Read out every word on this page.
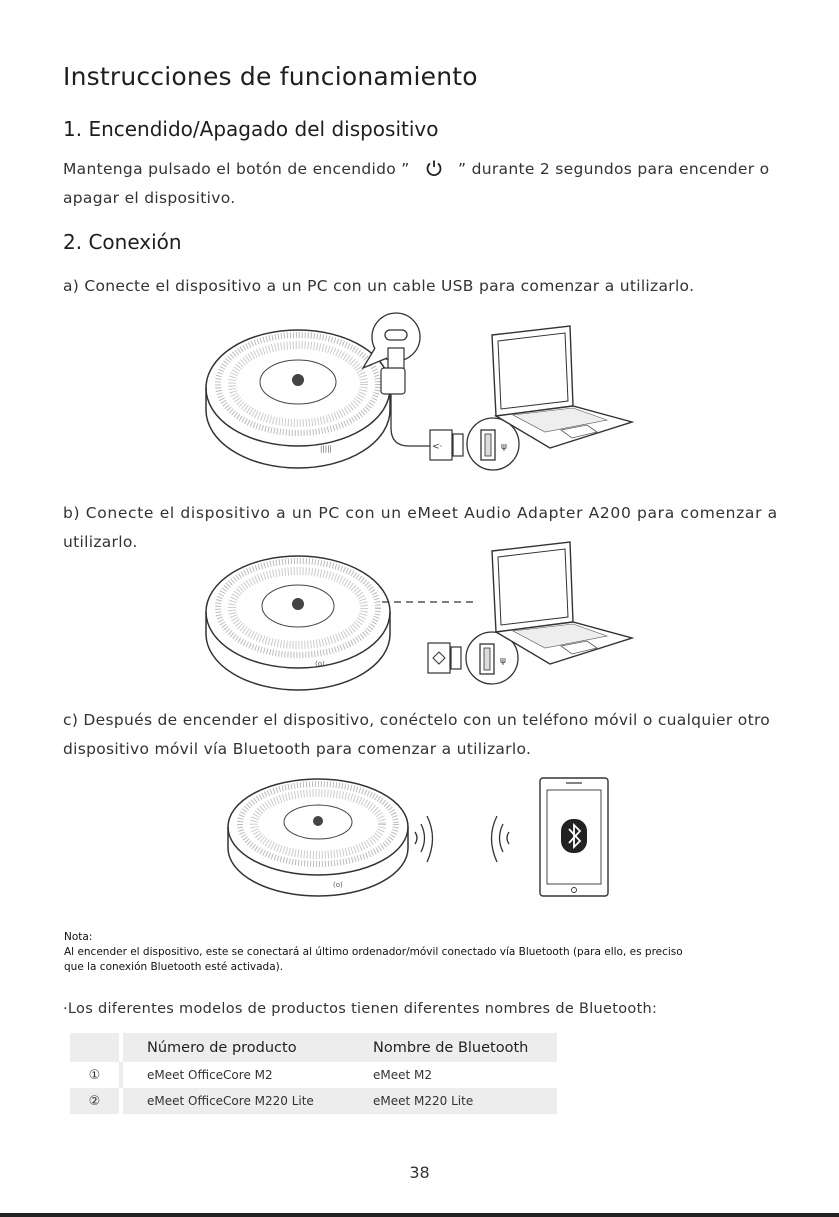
Instrucciones de funcionamiento
1. Encendido/Apagado del dispositivo
Mantenga pulsado el botón de encendido ”	” durante 2 segundos para encender o
apagar el dispositivo.
2. Conexión
a) Conecte el dispositivo a un PC con un cable USB para comenzar a utilizarlo.
|||||	<·	ψ
b) Conecte el dispositivo a un PC con un eMeet Audio Adapter A200 para comenzar a
utilizarlo.
(o)	ψ
c) Después de encender el dispositivo, conéctelo con un teléfono móvil o cualquier otro
dispositivo móvil vía Bluetooth para comenzar a utilizarlo.
(o)
Nota:
Al encender el dispositivo, este se conectará al último ordenador/móvil conectado vía Bluetooth (para ello, es preciso
que la conexión Bluetooth esté activada).
·Los diferentes modelos de productos tienen diferentes nombres de Bluetooth:
		Número de producto	Nombre de Bluetooth
①		eMeet OfficeCore M2	eMeet M2
②		eMeet OfficeCore M220 Lite	eMeet M220 Lite
38
